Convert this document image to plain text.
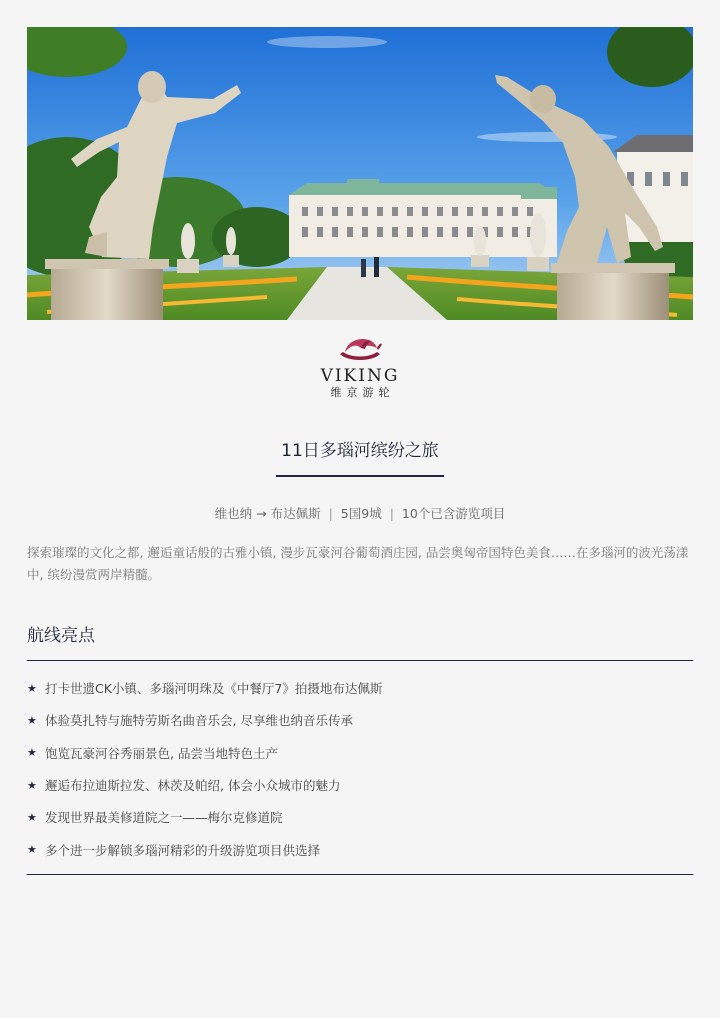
VIKING
维京游轮
11日多瑙河缤纷之旅
维也纳 → 布达佩斯 | 5国9城 | 10个已含游览项目

探索璀璨的文化之都, 邂逅童话般的古雅小镇, 漫步瓦豪河谷葡萄酒庄园, 品尝奥匈帝国特色美食……在多瑙河的波光荡漾中, 缤纷漫赏两岸精髓。

航线亮点
★ 打卡世遗CK小镇、多瑙河明珠及《中餐厅7》拍摄地布达佩斯
★ 体验莫扎特与施特劳斯名曲音乐会, 尽享维也纳音乐传承
★ 饱览瓦豪河谷秀丽景色, 品尝当地特色土产
★ 邂逅布拉迪斯拉发、林茨及帕绍, 体会小众城市的魅力
★ 发现世界最美修道院之一——梅尔克修道院
★ 多个进一步解锁多瑙河精彩的升级游览项目供选择
